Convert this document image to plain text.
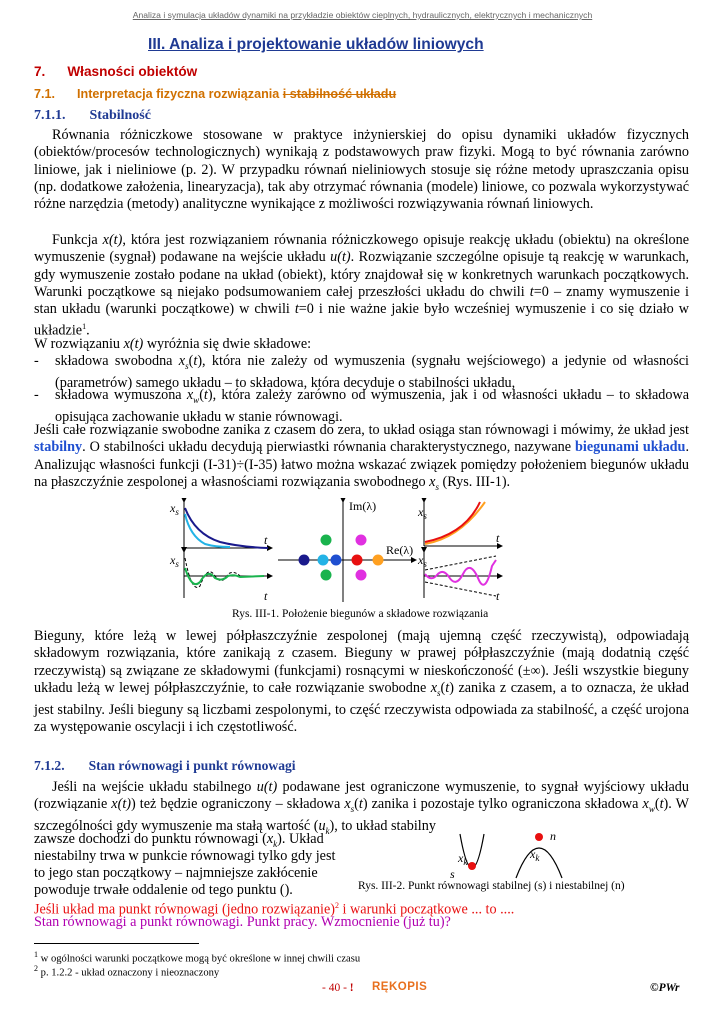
Analiza i symulacja układów dynamiki na przykładzie obiektów cieplnych, hydraulicznych, elektrycznych i mechanicznych
III. Analiza i projektowanie układów liniowych
7. Własności obiektów
7.1. Interpretacja fizyczna rozwiązania i stabilność układu
7.1.1. Stabilność
Równania różniczkowe stosowane w praktyce inżynierskiej do opisu dynamiki układów fizycznych (obiektów/procesów technologicznych) wynikają z podstawowych praw fizyki. Mogą to być równania zarówno liniowe, jak i nieliniowe (p. 2). W przypadku równań nieliniowych stosuje się różne metody upraszczania opisu (np. dodatkowe założenia, linearyzacja), tak aby otrzymać równania (modele) liniowe, co pozwala wykorzystywać różne narzędzia (metody) analityczne wynikające z możliwości rozwiązywania równań liniowych.
Funkcja x(t), która jest rozwiązaniem równania różniczkowego opisuje reakcję układu (obiektu) na określone wymuszenie (sygnał) podawane na wejście układu u(t). Rozwiązanie szczególne opisuje tą reakcję w warunkach, gdy wymuszenie zostało podane na układ (obiekt), który znajdował się w konkretnych warunkach początkowych. Warunki początkowe są niejako podsumowaniem całej przeszłości układu do chwili t=0 – znamy wymuszenie i stan układu (warunki początkowe) w chwili t=0 i nie ważne jakie było wcześniej wymuszenie i co się działo w układzie$^1$.
W rozwiązaniu x(t) wyróżnia się dwie składowe:
- składowa swobodna $x_s(t)$, która nie zależy od wymuszenia (sygnału wejściowego) a jedynie od własności (parametrów) samego układu – to składowa, która decyduje o stabilności układu,
- składowa wymuszona $x_w(t)$, która zależy zarówno od wymuszenia, jak i od własności układu – to składowa opisująca zachowanie układu w stanie równowagi.
Jeśli całe rozwiązanie swobodne zanika z czasem do zera, to układ osiąga stan równowagi i mówimy, że układ jest stabilny. O stabilności układu decydują pierwiastki równania charakterystycznego, nazywane biegunami układu. Analizując własności funkcji (I-31)÷(I-35) łatwo można wskazać związek pomiędzy położeniem biegunów układu na płaszczyźnie zespolonej a własnościami rozwiązania swobodnego $x_s$ (Rys. III-1).
$x_s$
t
$x_s$
t
Im(λ)
Re(λ)
$x_s$
t
$x_s$
t
Rys. III-1. Położenie biegunów a składowe rozwiązania
Bieguny, które leżą w lewej półpłaszczyźnie zespolonej (mają ujemną część rzeczywistą), odpowiadają składowym rozwiązania, które zanikają z czasem. Bieguny w prawej półpłaszczyźnie (mają dodatnią część rzeczywistą) są związane ze składowymi (funkcjami) rosnącymi w nieskończoność (±∞). Jeśli wszystkie bieguny układu leżą w lewej półpłaszczyźnie, to całe rozwiązanie swobodne $x_s(t)$ zanika z czasem, a to oznacza, że układ jest stabilny. Jeśli bieguny są liczbami zespolonymi, to część rzeczywista odpowiada za stabilność, a część urojona za występowanie oscylacji i ich częstotliwość.
7.1.2. Stan równowagi i punkt równowagi
Jeśli na wejście układu stabilnego u(t) podawane jest ograniczone wymuszenie, to sygnał wyjściowy układu (rozwiązanie x(t)) też będzie ograniczony – składowa $x_s(t)$ zanika i pozostaje tylko ograniczona składowa $x_w(t)$. W szczególności gdy wymuszenie ma stałą wartość $(u_k)$, to układ stabilny
zawsze dochodzi do punktu równowagi $(x_k)$. Układ
niestabilny trwa w punkcie równowagi tylko gdy jest
to jego stan początkowy – najmniejsze zakłócenie
powoduje trwałe oddalenie od tego punktu ().
$x_k$
s
n
$x_k$
Rys. III-2. Punkt równowagi stabilnej (s) i niestabilnej (n)
Jeśli układ ma punkt równowagi (jedno rozwiązanie)$^2$ i warunki początkowe ... to ....
Stan równowagi a punkt równowagi. Punkt pracy. Wzmocnienie (już tu)?
$^1$ w ogólności warunki początkowe mogą być określone w innej chwili czasu
$^2$ p. 1.2.2 - układ oznaczony i nieoznaczony
- 40 - ! RĘKOPIS	©PWr
